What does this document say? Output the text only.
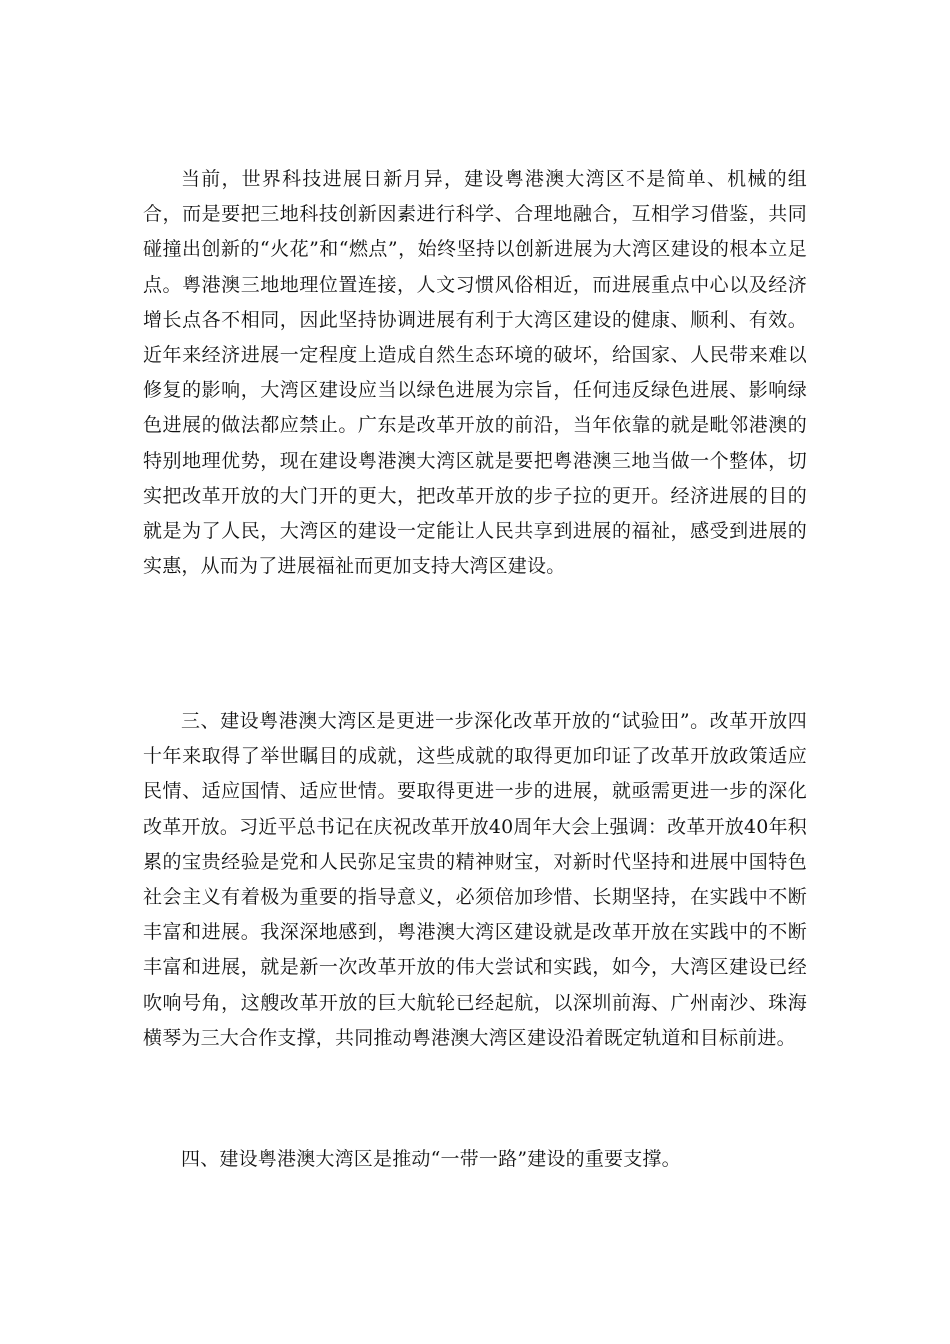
当前，世界科技进展日新月异，建设粤港澳大湾区不是简单、机械的组合，而是要把三地科技创新因素进行科学、合理地融合，互相学习借鉴，共同碰撞出创新的“火花”和“燃点”，始终坚持以创新进展为大湾区建设的根本立足点。粤港澳三地地理位置连接，人文习惯风俗相近，而进展重点中心以及经济增长点各不相同，因此坚持协调进展有利于大湾区建设的健康、顺利、有效。近年来经济进展一定程度上造成自然生态环境的破坏，给国家、人民带来难以修复的影响，大湾区建设应当以绿色进展为宗旨，任何违反绿色进展、影响绿色进展的做法都应禁止。广东是改革开放的前沿，当年依靠的就是毗邻港澳的特别地理优势，现在建设粤港澳大湾区就是要把粤港澳三地当做一个整体，切实把改革开放的大门开的更大，把改革开放的步子拉的更开。经济进展的目的就是为了人民，大湾区的建设一定能让人民共享到进展的福祉，感受到进展的实惠，从而为了进展福祉而更加支持大湾区建设。

三、建设粤港澳大湾区是更进一步深化改革开放的“试验田”。改革开放四十年来取得了举世瞩目的成就，这些成就的取得更加印证了改革开放政策适应民情、适应国情、适应世情。要取得更进一步的进展，就亟需更进一步的深化改革开放。习近平总书记在庆祝改革开放40周年大会上强调：改革开放40年积累的宝贵经验是党和人民弥足宝贵的精神财宝，对新时代坚持和进展中国特色社会主义有着极为重要的指导意义，必须倍加珍惜、长期坚持，在实践中不断丰富和进展。我深深地感到，粤港澳大湾区建设就是改革开放在实践中的不断丰富和进展，就是新一次改革开放的伟大尝试和实践，如今，大湾区建设已经吹响号角，这艘改革开放的巨大航轮已经起航，以深圳前海、广州南沙、珠海横琴为三大合作支撑，共同推动粤港澳大湾区建设沿着既定轨道和目标前进。

四、建设粤港澳大湾区是推动“一带一路”建设的重要支撑。
